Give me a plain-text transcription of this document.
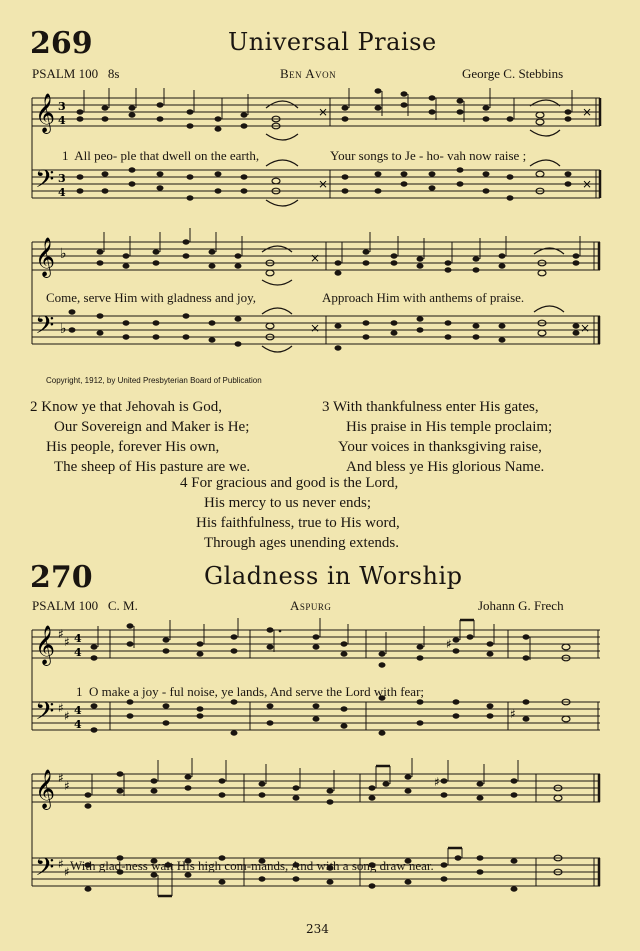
269	Universal Praise
PSALM 100 8s	Ben Avon	George C. Stebbins
𝄞
𝄢
3
4
3
4
×	×
×	×
1 All peo- ple that dwell on the earth,	Your songs to Je - ho- vah now raise ;
𝄞
𝄢
♭
♭
×
×	×
Come, serve Him with gladness and joy,	Approach Him with anthems of praise.
Copyright, 1912, by United Presbyterian Board of Publication
2 Know ye that Jehovah is God,
Our Sovereign and Maker is He;
His people, forever His own,
The sheep of His pasture are we.
3 With thankfulness enter His gates,
His praise in His temple proclaim;
Your voices in thanksgiving raise,
And bless ye His glorious Name.
4 For gracious and good is the Lord,
His mercy to us never ends;
His faithfulness, true to His word,
Through ages unending extends.
270	Gladness in Worship
PSALM 100 C. M.	Aspurg	Johann G. Frech
𝄞
𝄢
♯
♯
♯
♯
4
4
4
4
♯
♯
1 O make a joy - ful noise, ye lands, And serve the Lord with fear;
𝄞
𝄢
♯
♯
♯
♯
♯
With glad-ness wait His high com-mands, And with a song draw near.
234
